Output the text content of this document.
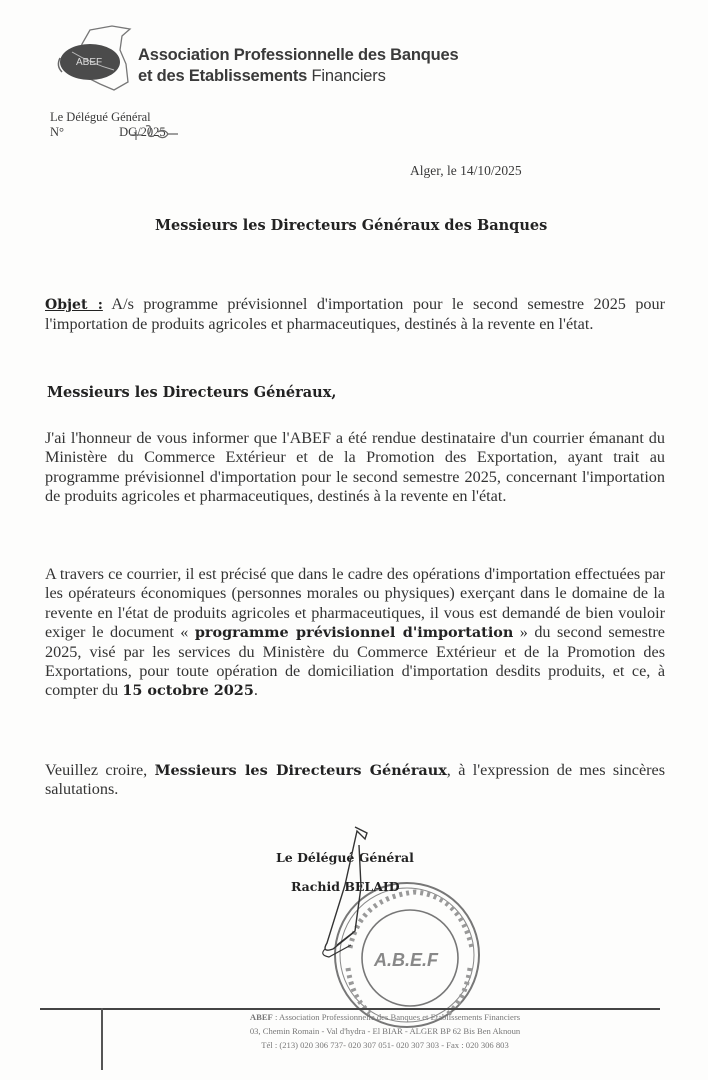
ABEF Association Professionnelle des Banques
et des Etablissements Financiers
Le Délégué Général
N°	DG/2025
Alger, le 14/10/2025
Messieurs les Directeurs Généraux des Banques
Objet : A/s programme prévisionnel d'importation pour le second semestre 2025 pour l'importation de produits agricoles et pharmaceutiques, destinés à la revente en l'état.
Messieurs les Directeurs Généraux,
J'ai l'honneur de vous informer que l'ABEF a été rendue destinataire d'un courrier émanant du Ministère du Commerce Extérieur et de la Promotion des Exportation, ayant trait au programme prévisionnel d'importation pour le second semestre 2025, concernant l'importation de produits agricoles et pharmaceutiques, destinés à la revente en l'état.
A travers ce courrier, il est précisé que dans le cadre des opérations d'importation effectuées par les opérateurs économiques (personnes morales ou physiques) exerçant dans le domaine de la revente en l'état de produits agricoles et pharmaceutiques, il vous est demandé de bien vouloir exiger le document « programme prévisionnel d'importation » du second semestre 2025, visé par les services du Ministère du Commerce Extérieur et de la Promotion des Exportations, pour toute opération de domiciliation d'importation desdits produits, et ce, à compter du 15 octobre 2025.
Veuillez croire, Messieurs les Directeurs Généraux, à l'expression de mes sincères salutations.
A.B.E.F
Le Délégué Général
Rachid BELAID
ABEF : Association Professionnelle des Banques et Etablissements Financiers
03, Chemin Romain - Val d'hydra - El BIAR - ALGER BP 62 Bis Ben Aknoun
Tél : (213) 020 306 737- 020 307 051- 020 307 303 - Fax : 020 306 803
